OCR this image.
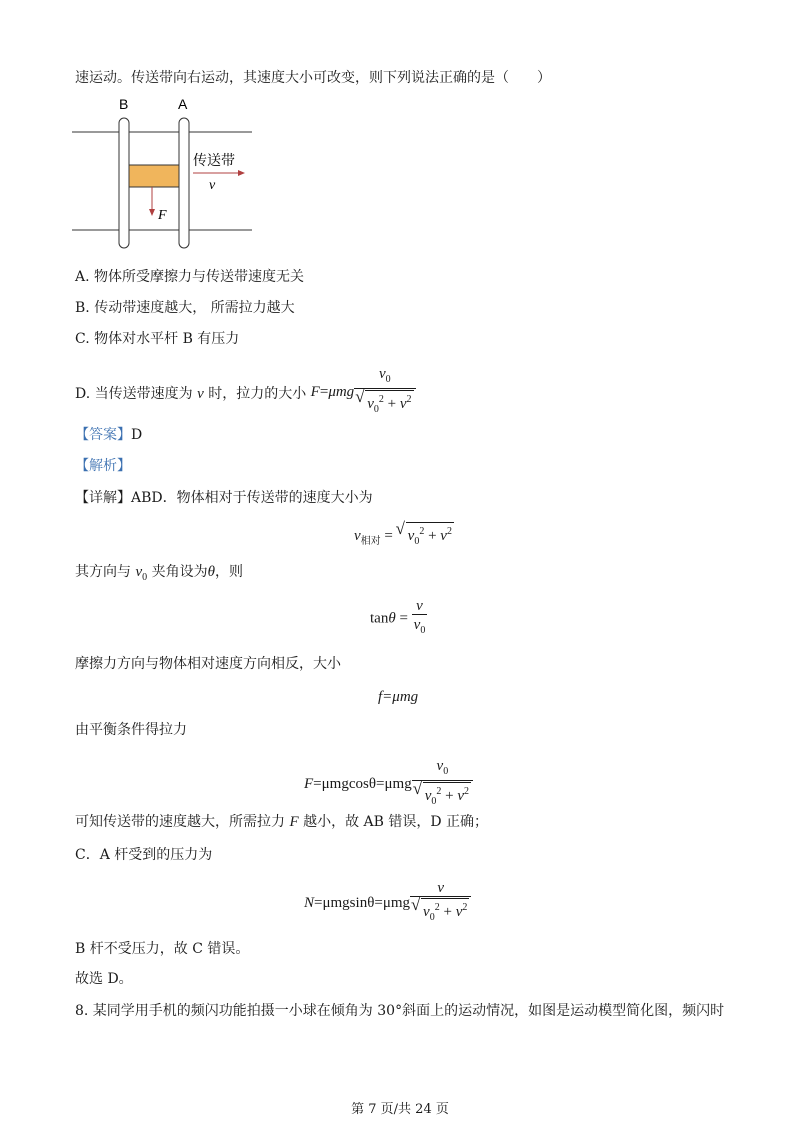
速运动。传送带向右运动，其速度大小可改变，则下列说法正确的是（　　）
B	A
F
传送带
v
A. 物体所受摩擦力与传送带速度无关
B. 传动带速度越大， 所需拉力越大
C. 物体对水平杆 B 有压力
D. 当传送带速度为 v 时，拉力的大小 F=μmg $v_0$
√ $v_0^2 + v^2$
【答案】D
【解析】
【详解】ABD．物体相对于传送带的速度大小为
$v_{相对}$ = √ $v_0^2 + v^2$
其方向与 $v_0$ 夹角设为θ，则
$\tan\theta = \frac{v}{v_0}$
摩擦力方向与物体相对速度方向相反，大小
f=μmg
由平衡条件得拉力
F=μmgcosθ=μmg $v_0$
√ $v_0^2 + v^2$
可知传送带的速度越大，所需拉力 F 越小，故 AB 错误，D 正确；
C．A 杆受到的压力为
N=μmgsinθ=μmg v
√ $v_0^2 + v^2$
B 杆不受压力，故 C 错误。
故选 D。
8. 某同学用手机的频闪功能拍摄一小球在倾角为 30°斜面上的运动情况，如图是运动模型简化图，频闪时
第 7 页/共 24 页
